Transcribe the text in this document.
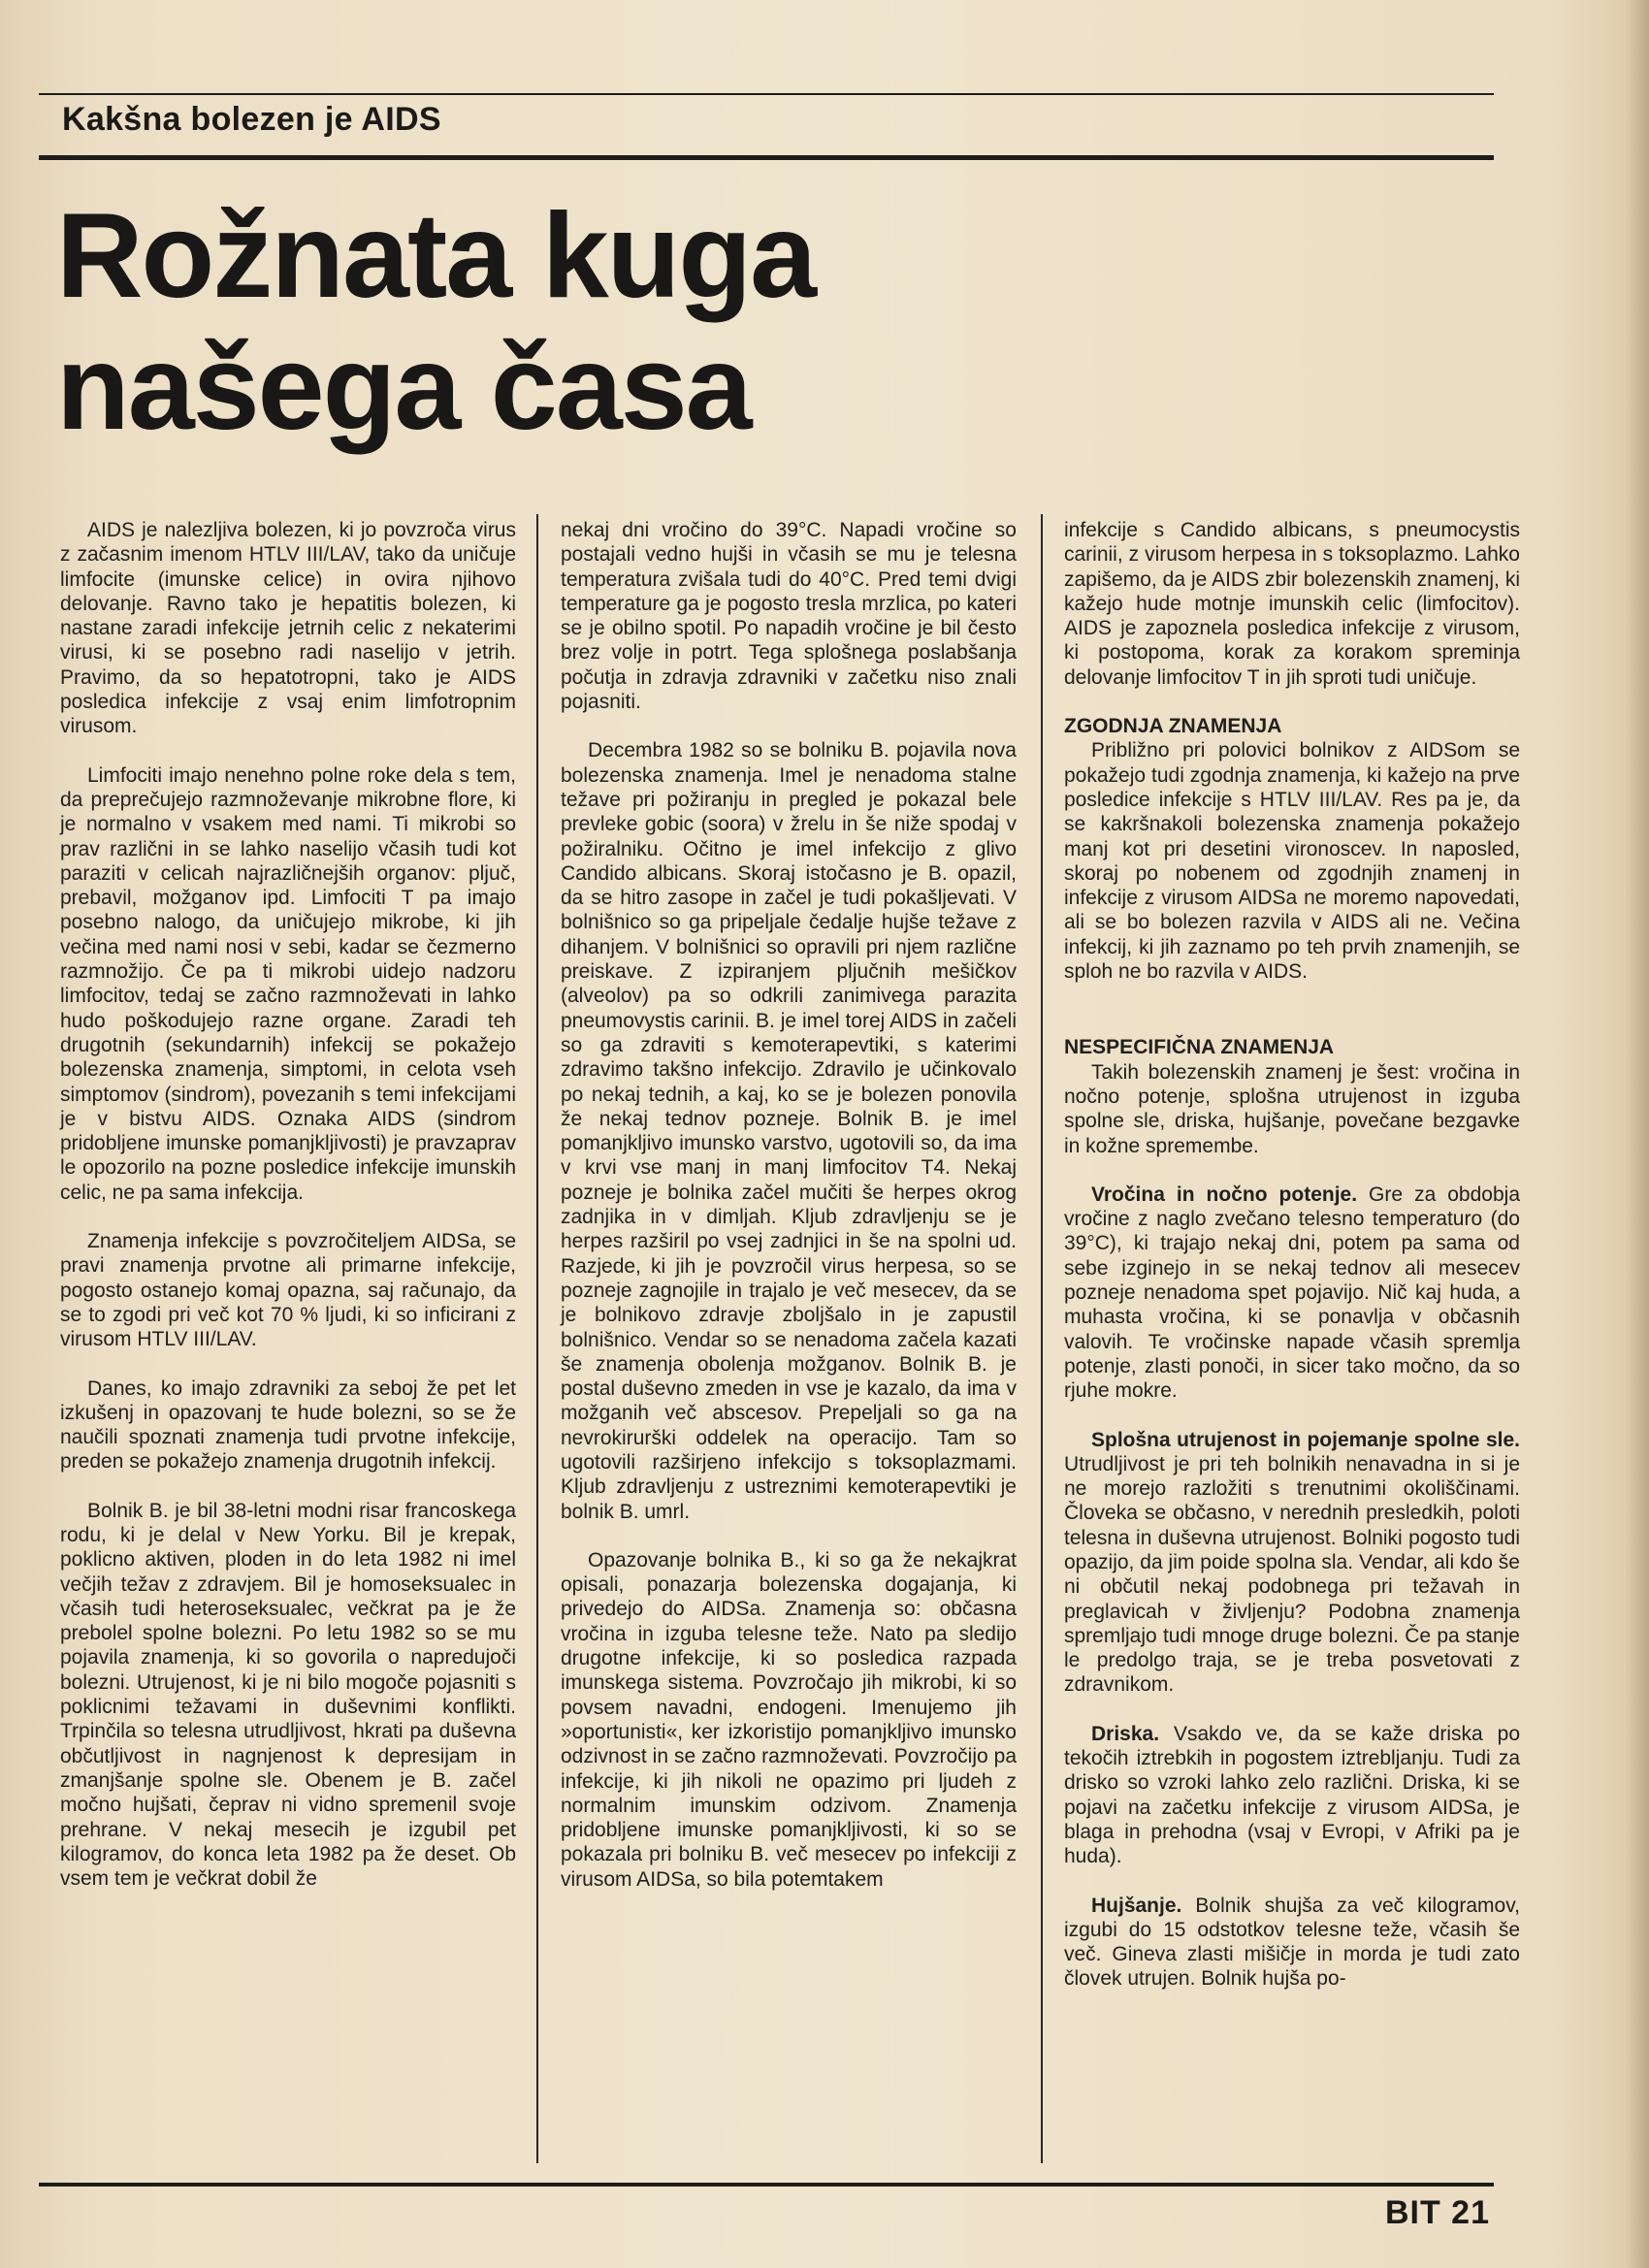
Kakšna bolezen je AIDS
Rožnata kuga
našega časa

AIDS je nalezljiva bolezen, ki jo povzroča virus z začasnim imenom HTLV III/LAV, tako da uničuje limfocite (imunske celice) in ovira njihovo delovanje. Ravno tako je hepatitis bolezen, ki nastane zaradi infekcije jetrnih celic z nekaterimi virusi, ki se posebno radi naselijo v jetrih. Pravimo, da so hepatotropni, tako je AIDS posledica infekcije z vsaj enim limfotropnim virusom.

Limfociti imajo nenehno polne roke dela s tem, da preprečujejo razmnoževanje mikrobne flore, ki je normalno v vsakem med nami. Ti mikrobi so prav različni in se lahko naselijo včasih tudi kot paraziti v celicah najrazličnejših organov: pljuč, prebavil, možganov ipd. Limfociti T pa imajo posebno nalogo, da uničujejo mikrobe, ki jih večina med nami nosi v sebi, kadar se čezmerno razmnožijo. Če pa ti mikrobi uidejo nadzoru limfocitov, tedaj se začno razmnoževati in lahko hudo poškodujejo razne organe. Zaradi teh drugotnih (sekundarnih) infekcij se pokažejo bolezenska znamenja, simptomi, in celota vseh simptomov (sindrom), povezanih s temi infekcijami je v bistvu AIDS. Oznaka AIDS (sindrom pridobljene imunske pomanjkljivosti) je pravzaprav le opozorilo na pozne posledice infekcije imunskih celic, ne pa sama infekcija.

Znamenja infekcije s povzročiteljem AIDSa, se pravi znamenja prvotne ali primarne infekcije, pogosto ostanejo komaj opazna, saj računajo, da se to zgodi pri več kot 70 % ljudi, ki so inficirani z virusom HTLV III/LAV.

Danes, ko imajo zdravniki za seboj že pet let izkušenj in opazovanj te hude bolezni, so se že naučili spoznati znamenja tudi prvotne infekcije, preden se pokažejo znamenja drugotnih infekcij.

Bolnik B. je bil 38-letni modni risar francoskega rodu, ki je delal v New Yorku. Bil je krepak, poklicno aktiven, ploden in do leta 1982 ni imel večjih težav z zdravjem. Bil je homoseksualec in včasih tudi heteroseksualec, večkrat pa je že prebolel spolne bolezni. Po letu 1982 so se mu pojavila znamenja, ki so govorila o napredujoči bolezni. Utrujenost, ki je ni bilo mogoče pojasniti s poklicnimi težavami in duševnimi konflikti. Trpinčila so telesna utrudljivost, hkrati pa duševna občutljivost in nagnjenost k depresijam in zmanjšanje spolne sle. Obenem je B. začel močno hujšati, čeprav ni vidno spremenil svoje prehrane. V nekaj mesecih je izgubil pet kilogramov, do konca leta 1982 pa že deset. Ob vsem tem je večkrat dobil že

nekaj dni vročino do 39°C. Napadi vročine so postajali vedno hujši in včasih se mu je telesna temperatura zvišala tudi do 40°C. Pred temi dvigi temperature ga je pogosto tresla mrzlica, po kateri se je obilno spotil. Po napadih vročine je bil često brez volje in potrt. Tega splošnega poslabšanja počutja in zdravja zdravniki v začetku niso znali pojasniti.

Decembra 1982 so se bolniku B. pojavila nova bolezenska znamenja. Imel je nenadoma stalne težave pri požiranju in pregled je pokazal bele prevleke gobic (soora) v žrelu in še niže spodaj v požiralniku. Očitno je imel infekcijo z glivo Candido albicans. Skoraj istočasno je B. opazil, da se hitro zasope in začel je tudi pokašljevati. V bolnišnico so ga pripeljale čedalje hujše težave z dihanjem. V bolnišnici so opravili pri njem različne preiskave. Z izpiranjem pljučnih mešičkov (alveolov) pa so odkrili zanimivega parazita pneumovystis carinii. B. je imel torej AIDS in začeli so ga zdraviti s kemoterapevtiki, s katerimi zdravimo takšno infekcijo. Zdravilo je učinkovalo po nekaj tednih, a kaj, ko se je bolezen ponovila že nekaj tednov pozneje. Bolnik B. je imel pomanjkljivo imunsko varstvo, ugotovili so, da ima v krvi vse manj in manj limfocitov T4. Nekaj pozneje je bolnika začel mučiti še herpes okrog zadnjika in v dimljah. Kljub zdravljenju se je herpes razširil po vsej zadnjici in še na spolni ud. Razjede, ki jih je povzročil virus herpesa, so se pozneje zagnojile in trajalo je več mesecev, da se je bolnikovo zdravje zboljšalo in je zapustil bolnišnico. Vendar so se nenadoma začela kazati še znamenja obolenja možganov. Bolnik B. je postal duševno zmeden in vse je kazalo, da ima v možganih več abscesov. Prepeljali so ga na nevrokirurški oddelek na operacijo. Tam so ugotovili razširjeno infekcijo s toksoplazmami. Kljub zdravljenju z ustreznimi kemoterapevtiki je bolnik B. umrl.

Opazovanje bolnika B., ki so ga že nekajkrat opisali, ponazarja bolezenska dogajanja, ki privedejo do AIDSa. Znamenja so: občasna vročina in izguba telesne teže. Nato pa sledijo drugotne infekcije, ki so posledica razpada imunskega sistema. Povzročajo jih mikrobi, ki so povsem navadni, endogeni. Imenujemo jih »oportunisti«, ker izkoristijo pomanjkljivo imunsko odzivnost in se začno razmnoževati. Povzročijo pa infekcije, ki jih nikoli ne opazimo pri ljudeh z normalnim imunskim odzivom. Znamenja pridobljene imunske pomanjkljivosti, ki so se pokazala pri bolniku B. več mesecev po infekciji z virusom AIDSa, so bila potemtakem

infekcije s Candido albicans, s pneumocystis carinii, z virusom herpesa in s toksoplazmo. Lahko zapišemo, da je AIDS zbir bolezenskih znamenj, ki kažejo hude motnje imunskih celic (limfocitov). AIDS je zapoznela posledica infekcije z virusom, ki postopoma, korak za korakom spreminja delovanje limfocitov T in jih sproti tudi uničuje.

ZGODNJA ZNAMENJA

Približno pri polovici bolnikov z AIDSom se pokažejo tudi zgodnja znamenja, ki kažejo na prve posledice infekcije s HTLV III/LAV. Res pa je, da se kakršnakoli bolezenska znamenja pokažejo manj kot pri desetini vironoscev. In naposled, skoraj po nobenem od zgodnjih znamenj in infekcije z virusom AIDSa ne moremo napovedati, ali se bo bolezen razvila v AIDS ali ne. Večina infekcij, ki jih zaznamo po teh prvih znamenjih, se sploh ne bo razvila v AIDS.

NESPECIFIČNA ZNAMENJA

Takih bolezenskih znamenj je šest: vročina in nočno potenje, splošna utrujenost in izguba spolne sle, driska, hujšanje, povečane bezgavke in kožne spremembe.

Vročina in nočno potenje. Gre za obdobja vročine z naglo zvečano telesno temperaturo (do 39°C), ki trajajo nekaj dni, potem pa sama od sebe izginejo in se nekaj tednov ali mesecev pozneje nenadoma spet pojavijo. Nič kaj huda, a muhasta vročina, ki se ponavlja v občasnih valovih. Te vročinske napade včasih spremlja potenje, zlasti ponoči, in sicer tako močno, da so rjuhe mokre.

Splošna utrujenost in pojemanje spolne sle. Utrudljivost je pri teh bolnikih nenavadna in si je ne morejo razložiti s trenutnimi okoliščinami. Človeka se občasno, v nerednih presledkih, poloti telesna in duševna utrujenost. Bolniki pogosto tudi opazijo, da jim poide spolna sla. Vendar, ali kdo še ni občutil nekaj podobnega pri težavah in preglavicah v življenju? Podobna znamenja spremljajo tudi mnoge druge bolezni. Če pa stanje le predolgo traja, se je treba posvetovati z zdravnikom.

Driska. Vsakdo ve, da se kaže driska po tekočih iztrebkih in pogostem iztrebljanju. Tudi za drisko so vzroki lahko zelo različni. Driska, ki se pojavi na začetku infekcije z virusom AIDSa, je blaga in prehodna (vsaj v Evropi, v Afriki pa je huda).

Hujšanje. Bolnik shujša za več kilogramov, izgubi do 15 odstotkov telesne teže, včasih še več. Gineva zlasti mišičje in morda je tudi zato človek utrujen. Bolnik hujša po-

BIT 21
